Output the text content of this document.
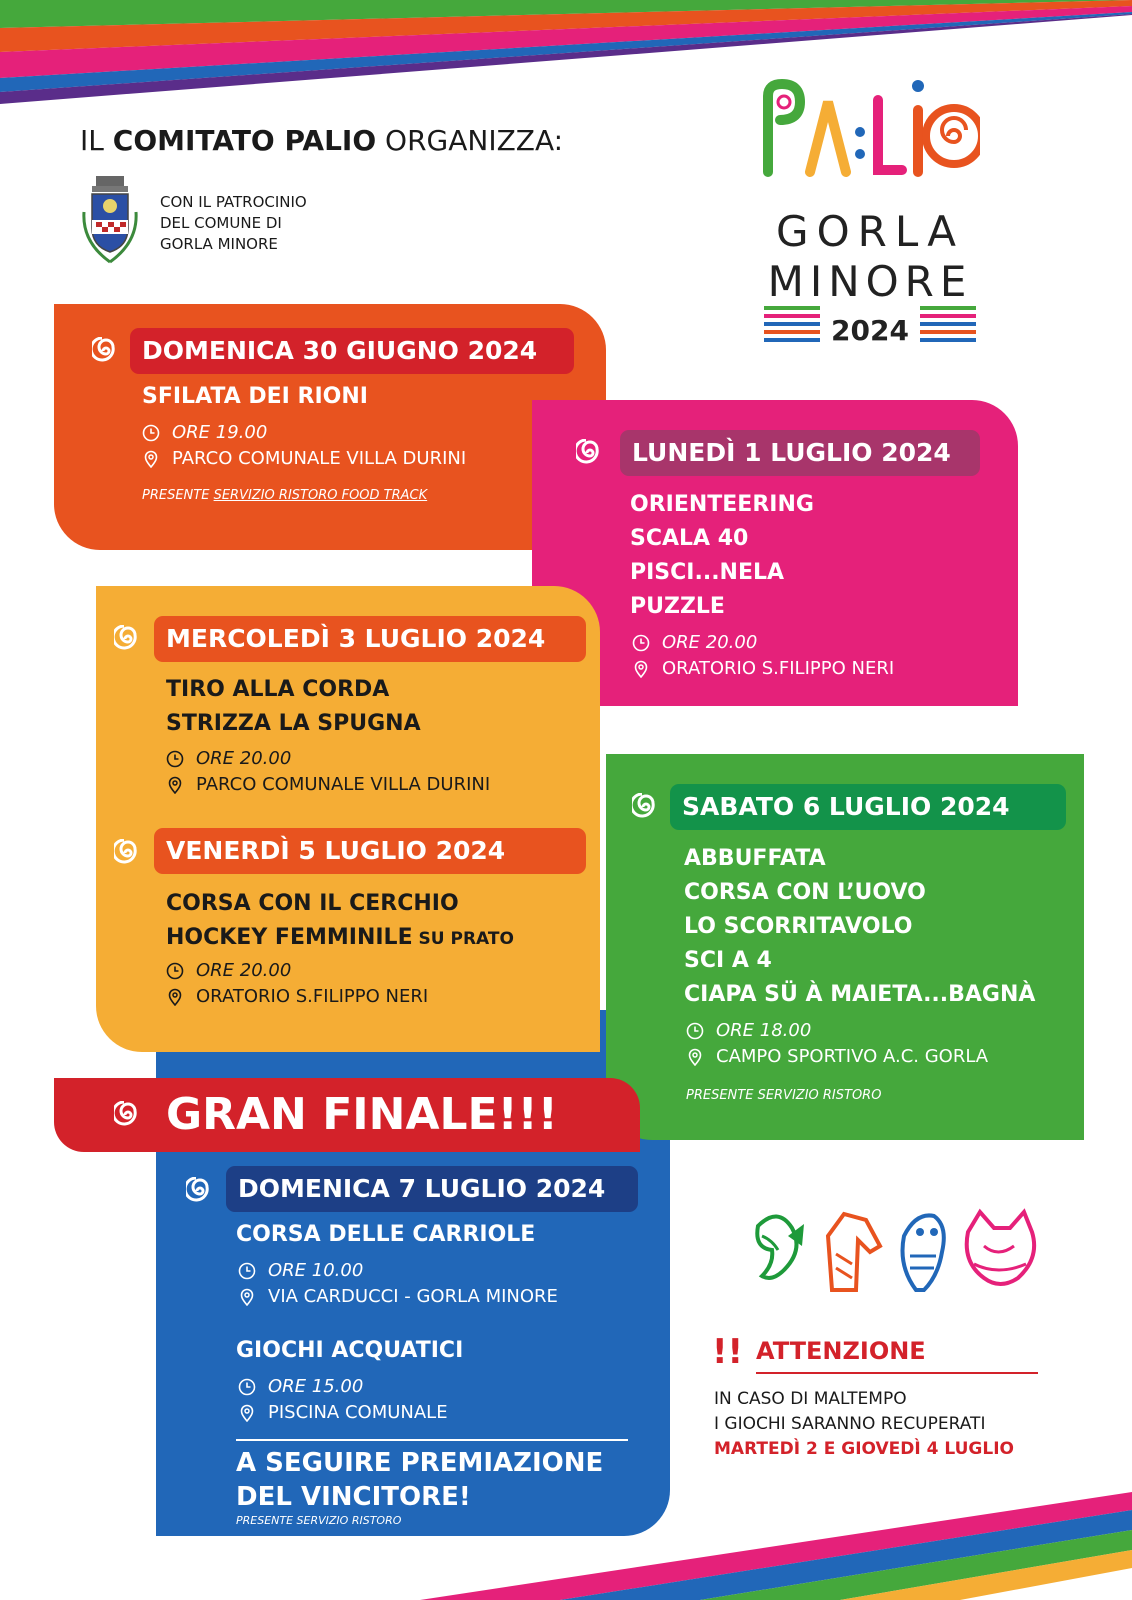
IL COMITATO PALIO ORGANIZZA:
CON IL PATROCINIO
DEL COMUNE DI
GORLA MINORE	GORLA
MINORE
2024
DOMENICA 30 GIUGNO 2024
SFILATA DEI RIONI
ORE 19.00
PARCO COMUNALE VILLA DURINI
PRESENTE SERVIZIO RISTORO FOOD TRACK
LUNEDÌ 1 LUGLIO 2024
ORIENTEERING
SCALA 40
PISCI...NELA
PUZZLE
ORE 20.00
ORATORIO S.FILIPPO NERI
MERCOLEDÌ 3 LUGLIO 2024
TIRO ALLA CORDA
STRIZZA LA SPUGNA
ORE 20.00
PARCO COMUNALE VILLA DURINI
VENERDÌ 5 LUGLIO 2024
CORSA CON IL CERCHIO
HOCKEY FEMMINILE SU PRATO
ORE 20.00
ORATORIO S.FILIPPO NERI
SABATO 6 LUGLIO 2024
ABBUFFATA
CORSA CON L’UOVO
LO SCORRITAVOLO
SCI A 4
CIAPA SÜ À MAIETA...BAGNÀ
ORE 18.00
CAMPO SPORTIVO A.C. GORLA
PRESENTE SERVIZIO RISTORO
GRAN FINALE!!!
DOMENICA 7 LUGLIO 2024
CORSA DELLE CARRIOLE
ORE 10.00
VIA CARDUCCI - GORLA MINORE
GIOCHI ACQUATICI
ORE 15.00
PISCINA COMUNALE
A SEGUIRE PREMIAZIONE
DEL VINCITORE!
PRESENTE SERVIZIO RISTORO
!! ATTENZIONE
IN CASO DI MALTEMPO
I GIOCHI SARANNO RECUPERATI
MARTEDÌ 2 E GIOVEDÌ 4 LUGLIO
